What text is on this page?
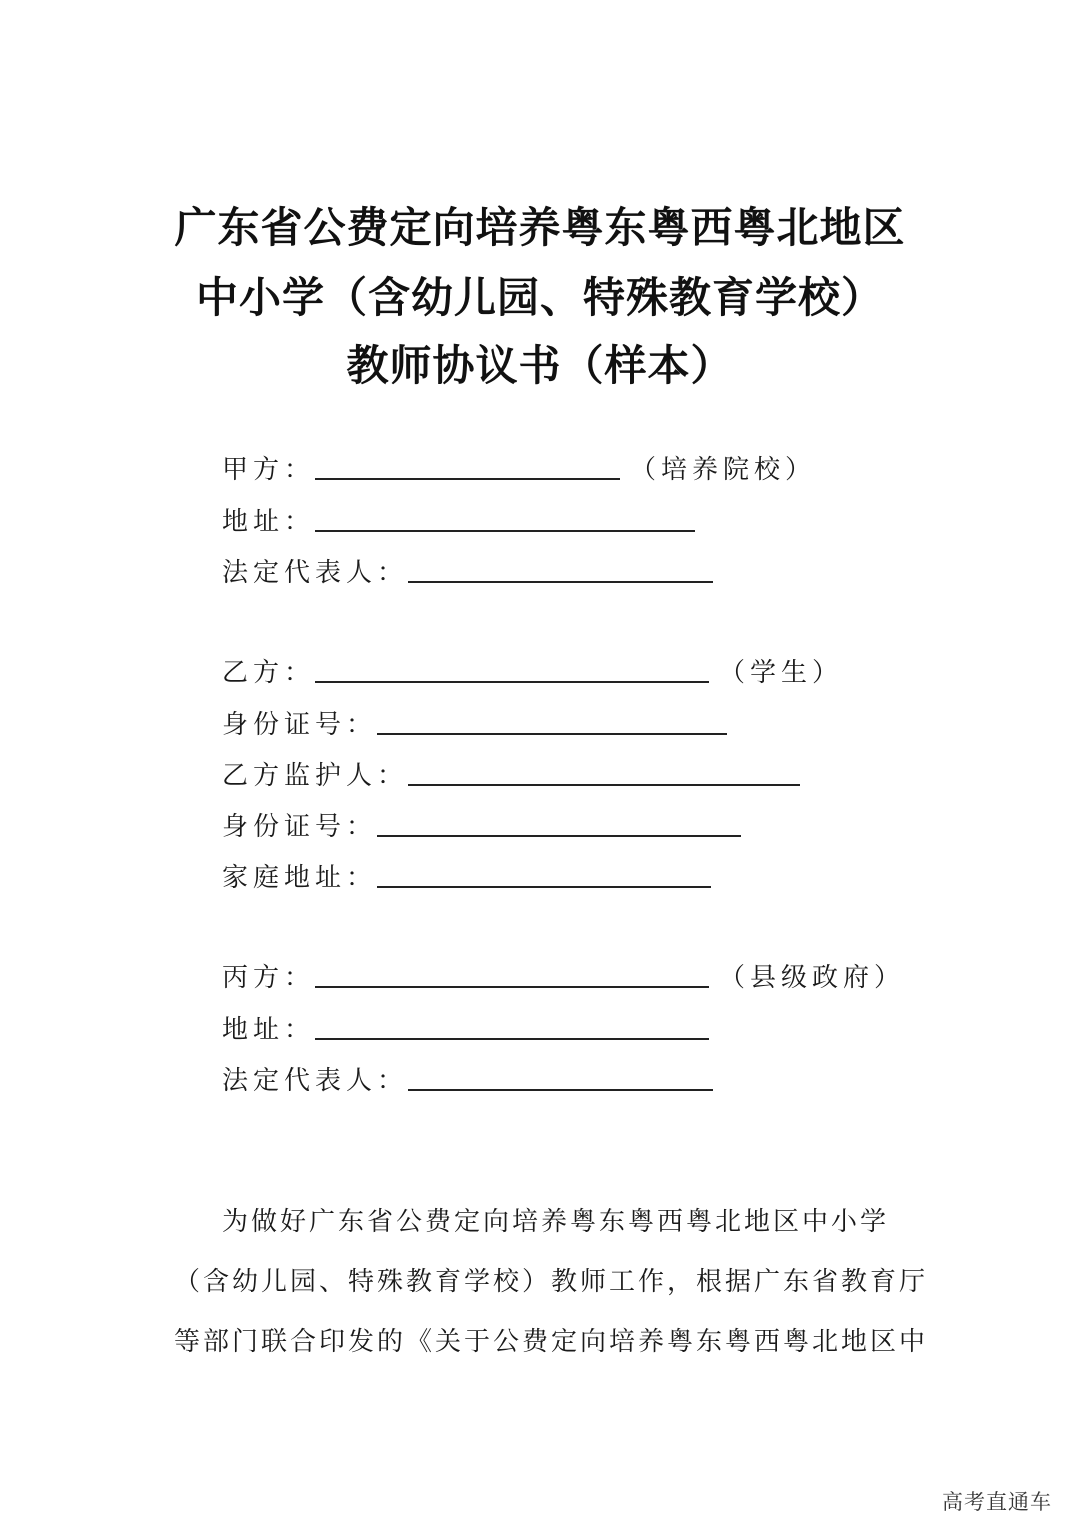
广东省公费定向培养粤东粤西粤北地区
中小学（含幼儿园、特殊教育学校）
教师协议书（样本）
甲方：	（培养院校）
地址：
法定代表人：
乙方：	（学生）
身份证号：
乙方监护人：
身份证号：
家庭地址：
丙方：	（县级政府）
地址：
法定代表人：
为做好广东省公费定向培养粤东粤西粤北地区中小学
（含幼儿园、特殊教育学校）教师工作，根据广东省教育厅
等部门联合印发的《关于公费定向培养粤东粤西粤北地区中
高考直通车
